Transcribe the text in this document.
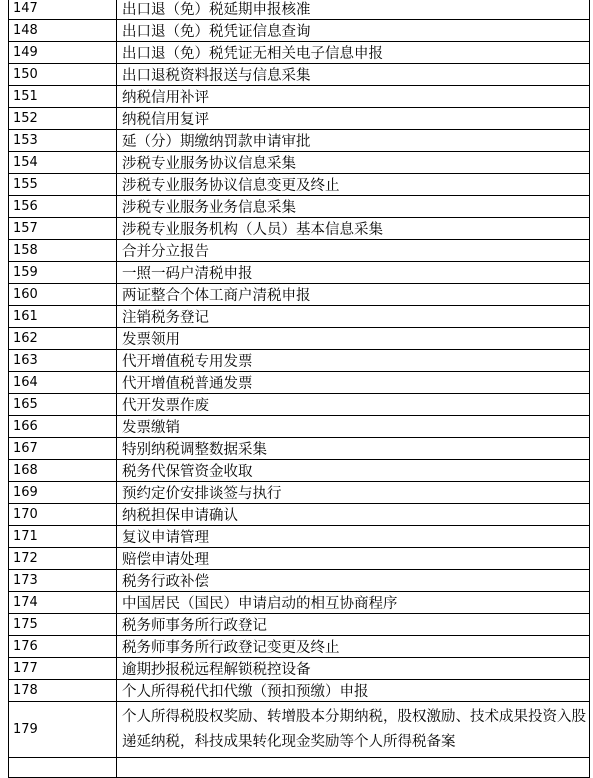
147	出口退（免）税延期申报核准
148	出口退（免）税凭证信息查询
149	出口退（免）税凭证无相关电子信息申报
150	出口退税资料报送与信息采集
151	纳税信用补评
152	纳税信用复评
153	延（分）期缴纳罚款申请审批
154	涉税专业服务协议信息采集
155	涉税专业服务协议信息变更及终止
156	涉税专业服务业务信息采集
157	涉税专业服务机构（人员）基本信息采集
158	合并分立报告
159	一照一码户清税申报
160	两证整合个体工商户清税申报
161	注销税务登记
162	发票领用
163	代开增值税专用发票
164	代开增值税普通发票
165	代开发票作废
166	发票缴销
167	特别纳税调整数据采集
168	税务代保管资金收取
169	预约定价安排谈签与执行
170	纳税担保申请确认
171	复议申请管理
172	赔偿申请处理
173	税务行政补偿
174	中国居民（国民）申请启动的相互协商程序
175	税务师事务所行政登记
176	税务师事务所行政登记变更及终止
177	逾期抄报税远程解锁税控设备
178	个人所得税代扣代缴（预扣预缴）申报
179	个人所得税股权奖励、转增股本分期纳税，股权激励、技术成果投资入股递延纳税，科技成果转化现金奖励等个人所得税备案
